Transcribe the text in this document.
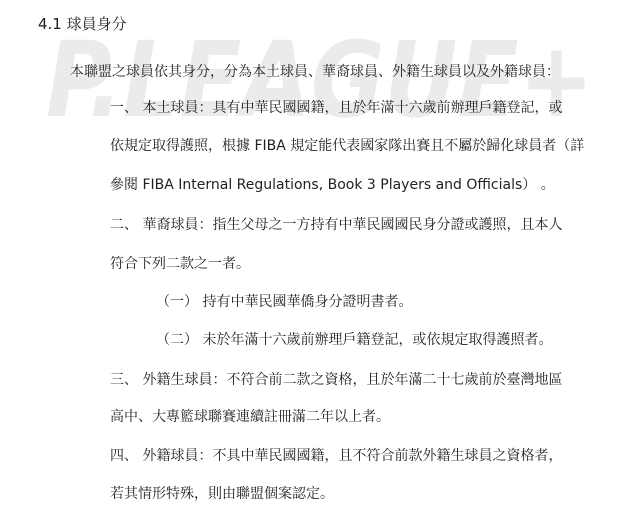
P.LEAGUE+
4.1 球員身分
本聯盟之球員依其身分，分為本土球員、華裔球員、外籍生球員以及外籍球員：
一、 本土球員：具有中華民國國籍，且於年滿十六歲前辦理戶籍登記，或
依規定取得護照，根據 FIBA 規定能代表國家隊出賽且不屬於歸化球員者（詳
參閱 FIBA Internal Regulations, Book 3 Players and Officials） 。
二、 華裔球員：指生父母之一方持有中華民國國民身分證或護照，且本人
符合下列二款之一者。
（一） 持有中華民國華僑身分證明書者。
（二） 未於年滿十六歲前辦理戶籍登記，或依規定取得護照者。
三、 外籍生球員：不符合前二款之資格，且於年滿二十七歲前於臺灣地區
高中、大專籃球聯賽連續註冊滿二年以上者。
四、 外籍球員：不具中華民國國籍，且不符合前款外籍生球員之資格者，
若其情形特殊，則由聯盟個案認定。
